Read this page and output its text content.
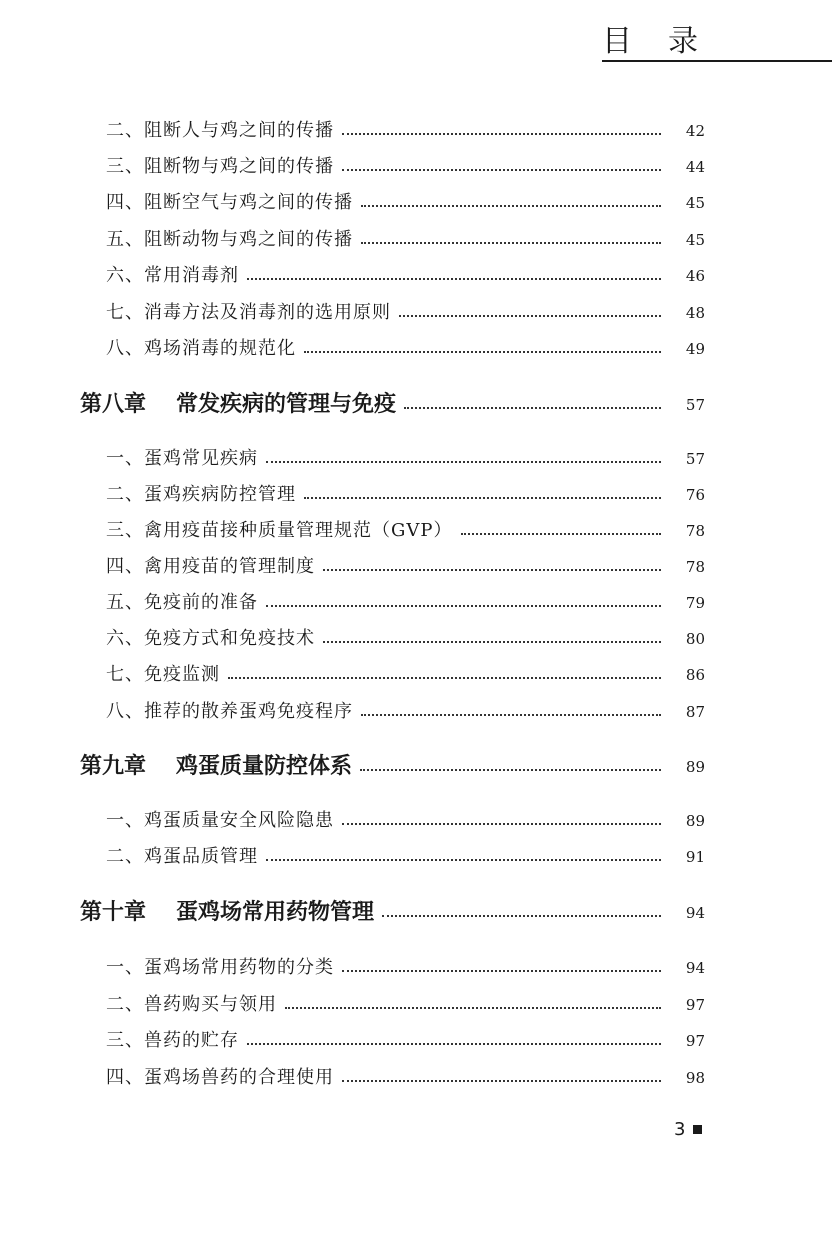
目录
二、阻断人与鸡之间的传播	42
三、阻断物与鸡之间的传播	44
四、阻断空气与鸡之间的传播	45
五、阻断动物与鸡之间的传播	45
六、常用消毒剂	46
七、消毒方法及消毒剂的选用原则	48
八、鸡场消毒的规范化	49
第八章 常发疾病的管理与免疫	57
一、蛋鸡常见疾病	57
二、蛋鸡疾病防控管理	76
三、禽用疫苗接种质量管理规范（GVP）	78
四、禽用疫苗的管理制度	78
五、免疫前的准备	79
六、免疫方式和免疫技术	80
七、免疫监测	86
八、推荐的散养蛋鸡免疫程序	87
第九章 鸡蛋质量防控体系	89
一、鸡蛋质量安全风险隐患	89
二、鸡蛋品质管理	91
第十章 蛋鸡场常用药物管理	94
一、蛋鸡场常用药物的分类	94
二、兽药购买与领用	97
三、兽药的贮存	97
四、蛋鸡场兽药的合理使用	98
3
